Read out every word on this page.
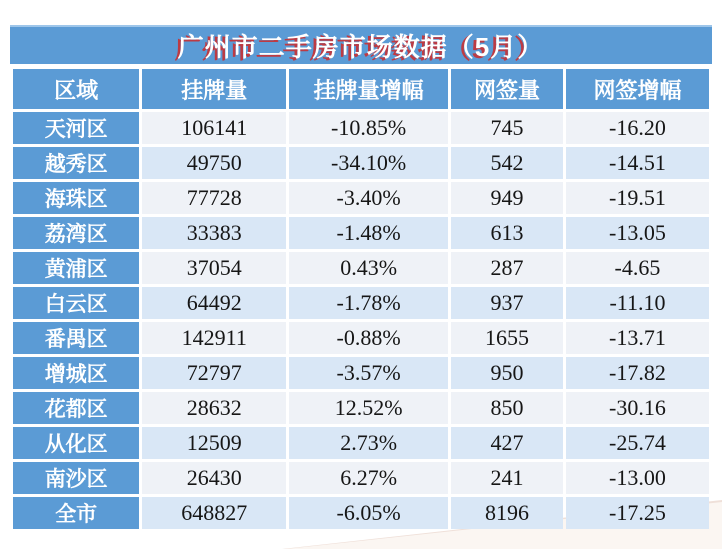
广州市二手房市场数据（5月）
区域	挂牌量	挂牌量增幅	网签量	网签增幅
天河区	106141	-10.85%	745	-16.20
越秀区	49750	-34.10%	542	-14.51
海珠区	77728	-3.40%	949	-19.51
荔湾区	33383	-1.48%	613	-13.05
黄浦区	37054	0.43%	287	-4.65
白云区	64492	-1.78%	937	-11.10
番禺区	142911	-0.88%	1655	-13.71
增城区	72797	-3.57%	950	-17.82
花都区	28632	12.52%	850	-30.16
从化区	12509	2.73%	427	-25.74
南沙区	26430	6.27%	241	-13.00
全市	648827	-6.05%	8196	-17.25
